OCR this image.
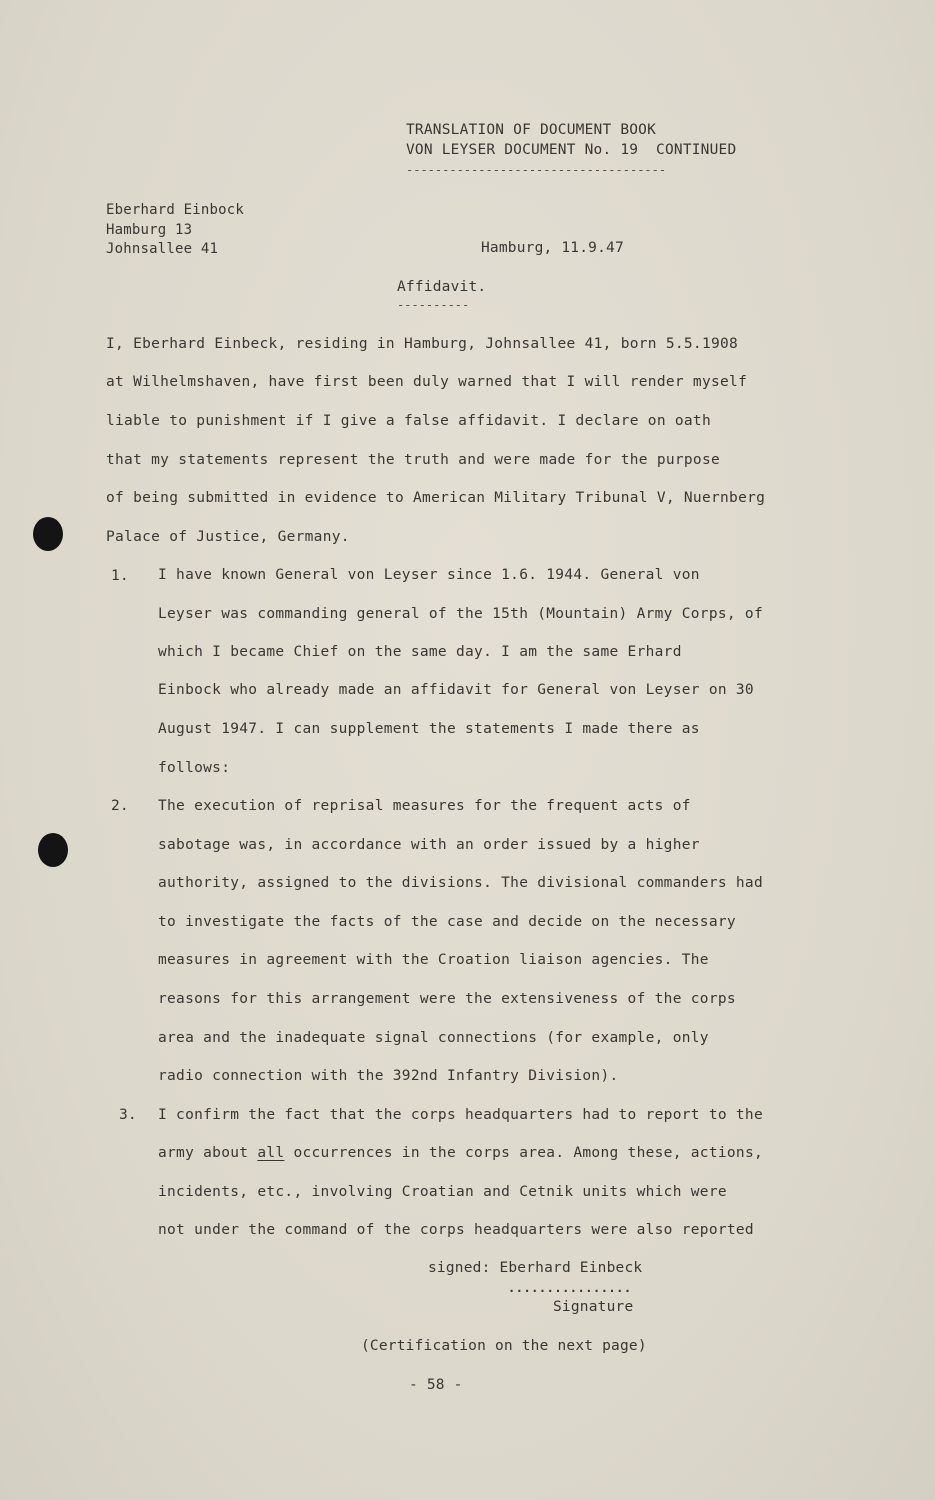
TRANSLATION OF DOCUMENT BOOK
VON LEYSER DOCUMENT No. 19  CONTINUED
------------------------------------
Eberhard Einbock
Hamburg 13
Johnsallee 41	Hamburg, 11.9.47
Affidavit.
----------
I, Eberhard Einbeck, residing in Hamburg, Johnsallee 41, born 5.5.1908
at Wilhelmshaven, have first been duly warned that I will render myself
liable to punishment if I give a false affidavit. I declare on oath
that my statements represent the truth and were made for the purpose
of being submitted in evidence to American Military Tribunal V, Nuernberg
Palace of Justice, Germany.
1. I have known General von Leyser since 1.6. 1944. General von
Leyser was commanding general of the 15th (Mountain) Army Corps, of
which I became Chief on the same day. I am the same Erhard
Einbock who already made an affidavit for General von Leyser on 30
August 1947. I can supplement the statements I made there as
follows:
2. The execution of reprisal measures for the frequent acts of
sabotage was, in accordance with an order issued by a higher
authority, assigned to the divisions. The divisional commanders had
to investigate the facts of the case and decide on the necessary
measures in agreement with the Croation liaison agencies. The
reasons for this arrangement were the extensiveness of the corps
area and the inadequate signal connections (for example, only
radio connection with the 392nd Infantry Division).
3. I confirm the fact that the corps headquarters had to report to the
army about all occurrences in the corps area. Among these, actions,
incidents, etc., involving Croatian and Cetnik units which were
not under the command of the corps headquarters were also reported
signed: Eberhard Einbeck
................
Signature
(Certification on the next page)
- 58 -
